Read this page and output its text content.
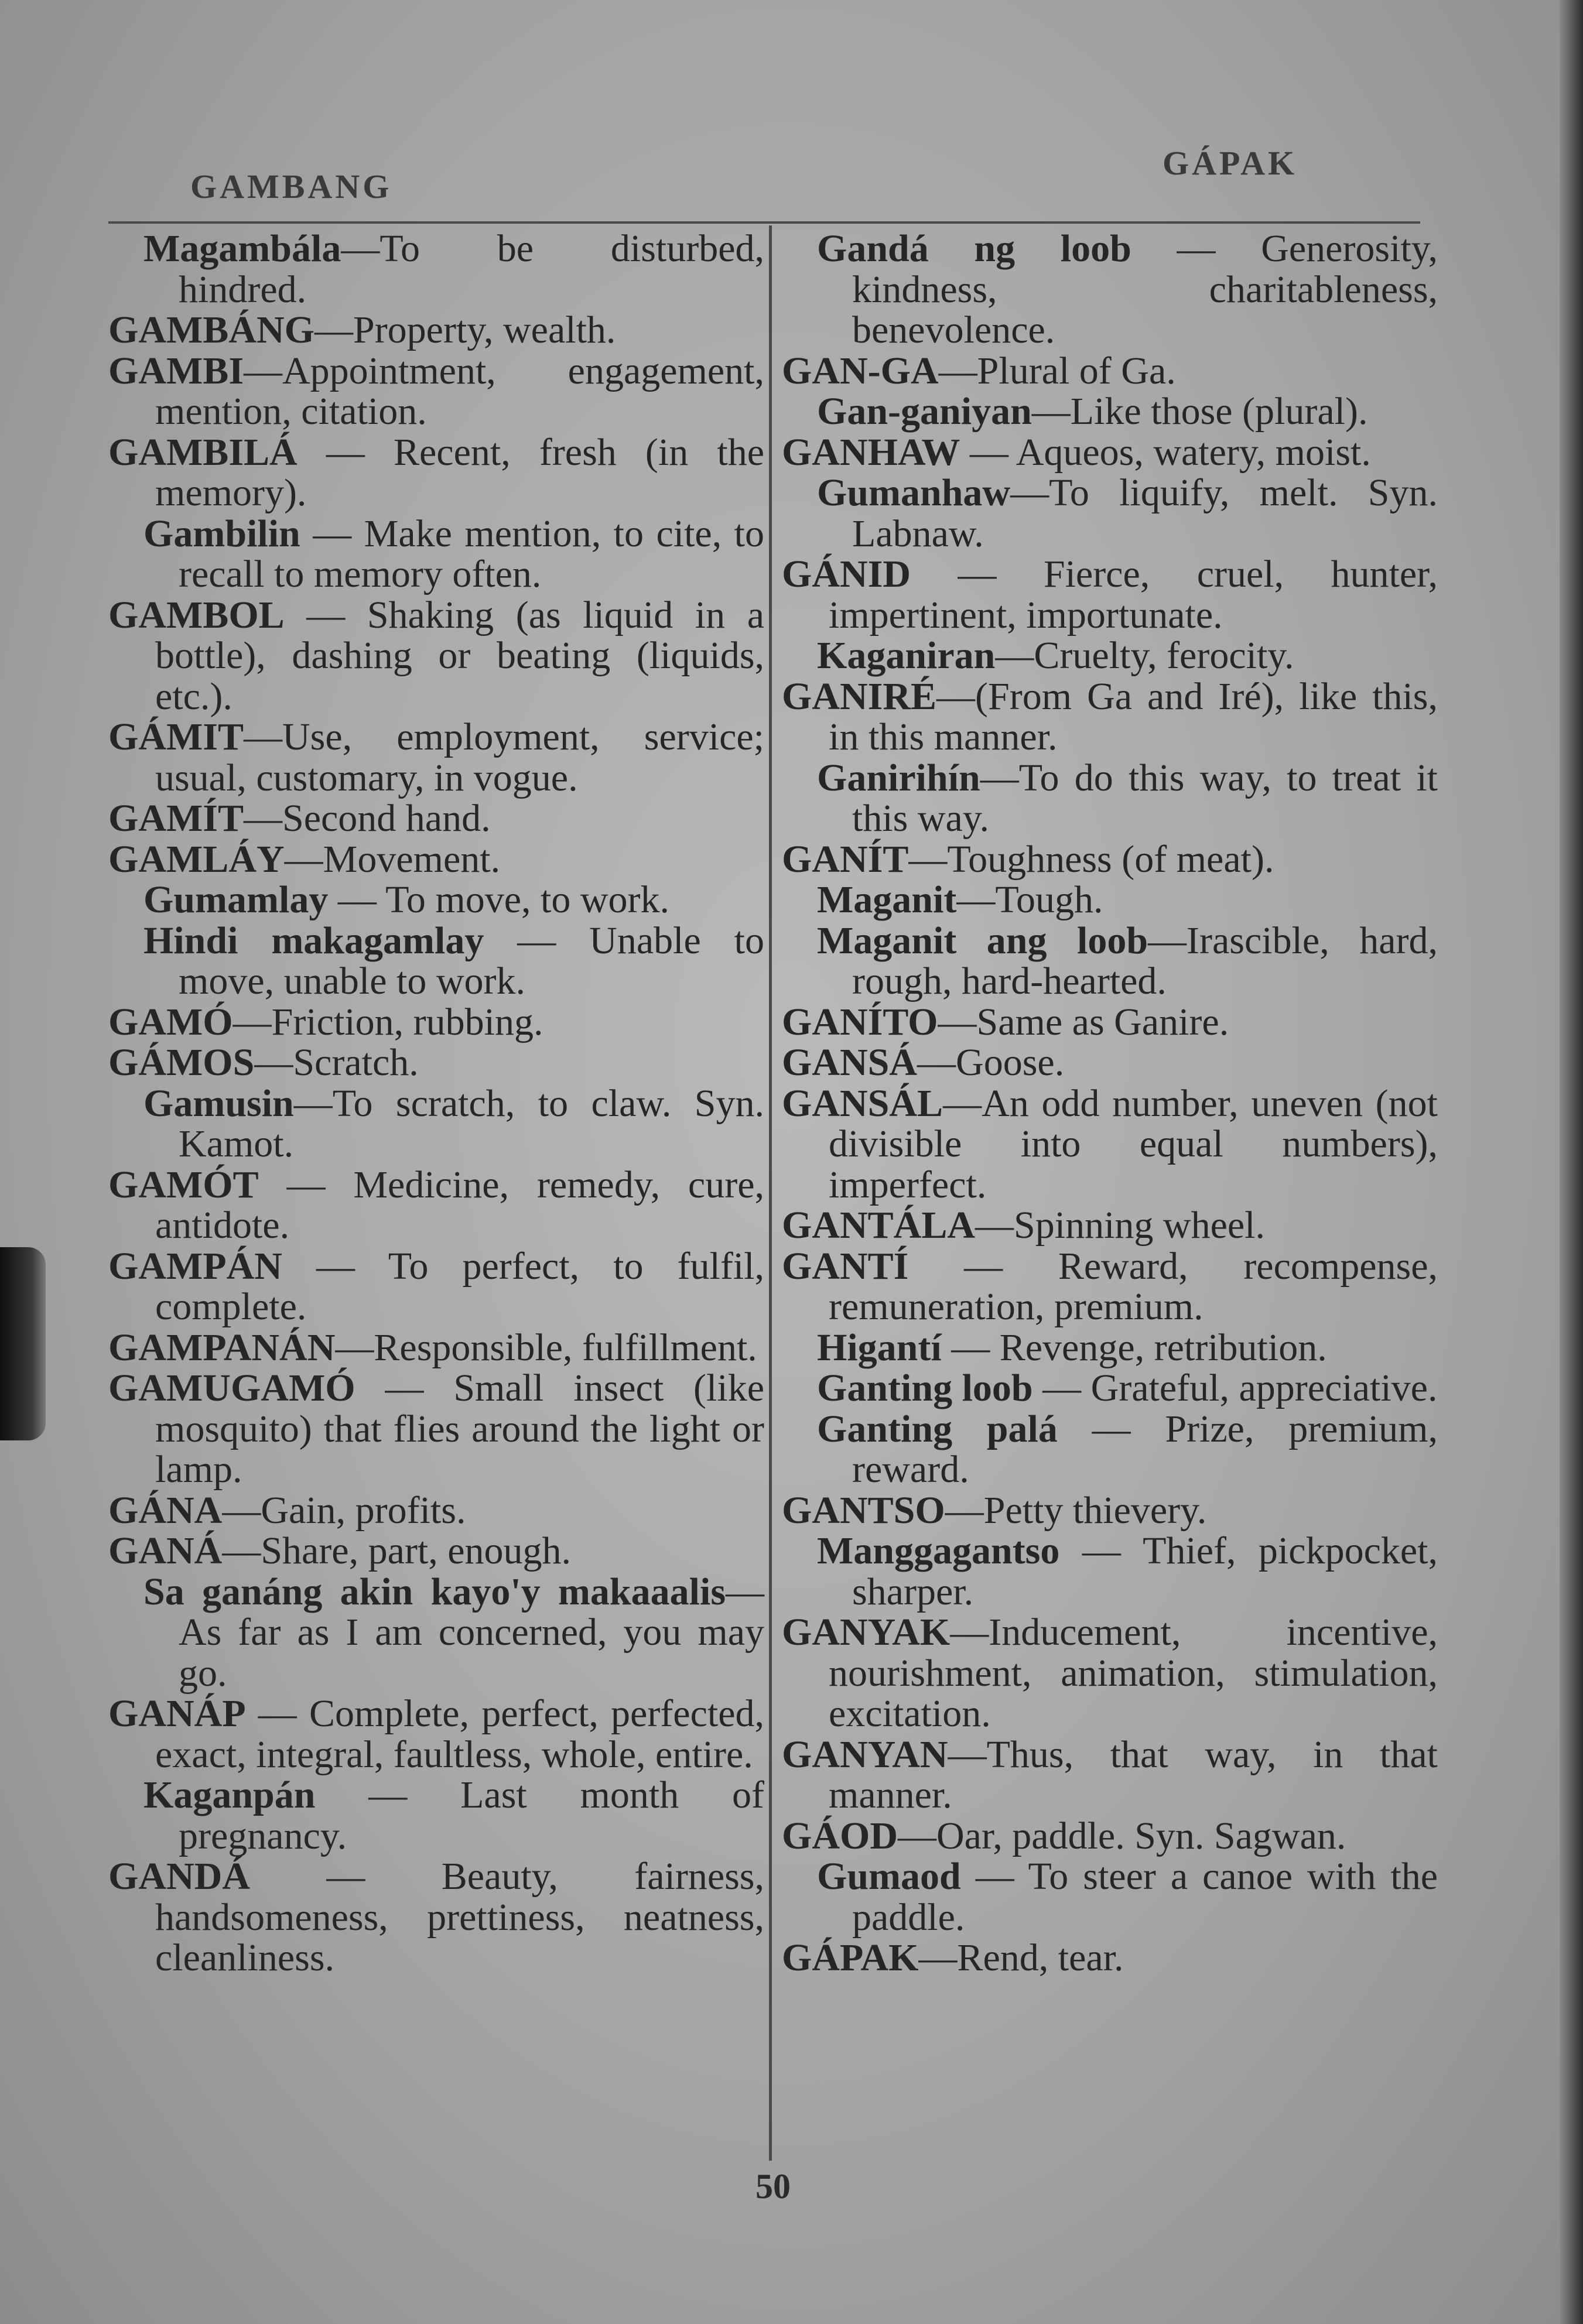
GAMBANG
GÁPAK

Magambála—To be disturbed, hindred.

GAMBÁNG—Property, wealth.

GAMBI—Appointment, engagement, mention, citation.

GAMBILÁ — Recent, fresh (in the memory).

Gambilin — Make mention, to cite, to recall to memory often.

GAMBOL — Shaking (as liquid in a bottle), dashing or beating (liquids, etc.).

GÁMIT—Use, employment, service; usual, customary, in vogue.

GAMÍT—Second hand.

GAMLÁY—Movement.

Gumamlay — To move, to work.

Hindi makagamlay — Unable to move, unable to work.

GAMÓ—Friction, rubbing.

GÁMOS—Scratch.

Gamusin—To scratch, to claw. Syn. Kamot.

GAMÓT — Medicine, remedy, cure, antidote.

GAMPÁN — To perfect, to fulfil, complete.

GAMPANÁN—Responsible, fulfillment.

GAMUGAMÓ — Small insect (like mosquito) that flies around the light or lamp.

GÁNA—Gain, profits.

GANÁ—Share, part, enough.

Sa ganáng akin kayo'y makaaalis—As far as I am concerned, you may go.

GANÁP — Complete, perfect, perfected, exact, integral, faultless, whole, entire.

Kaganpán — Last month of pregnancy.

GANDÁ — Beauty, fairness, handsomeness, prettiness, neatness, cleanliness.

Gandá ng loob — Generosity, kindness, charitableness, benevolence.

GAN-GA—Plural of Ga.

Gan-ganiyan—Like those (plural).

GANHAW — Aqueos, watery, moist.

Gumanhaw—To liquify, melt. Syn. Labnaw.

GÁNID — Fierce, cruel, hunter, impertinent, importunate.

Kaganiran—Cruelty, ferocity.

GANIRÉ—(From Ga and Iré), like this, in this manner.

Ganirihín—To do this way, to treat it this way.

GANÍT—Toughness (of meat).

Maganit—Tough.

Maganit ang loob—Irascible, hard, rough, hard-hearted.

GANÍTO—Same as Ganire.

GANSÁ—Goose.

GANSÁL—An odd number, uneven (not divisible into equal numbers), imperfect.

GANTÁLA—Spinning wheel.

GANTÍ — Reward, recompense, remuneration, premium.

Higantí — Revenge, retribution.

Ganting loob — Grateful, appreciative.

Ganting palá — Prize, premium, reward.

GANTSO—Petty thievery.

Manggagantso — Thief, pickpocket, sharper.

GANYAK—Inducement, incentive, nourishment, animation, stimulation, excitation.

GANYAN—Thus, that way, in that manner.

GÁOD—Oar, paddle. Syn. Sagwan.

Gumaod — To steer a canoe with the paddle.

GÁPAK—Rend, tear.

50
